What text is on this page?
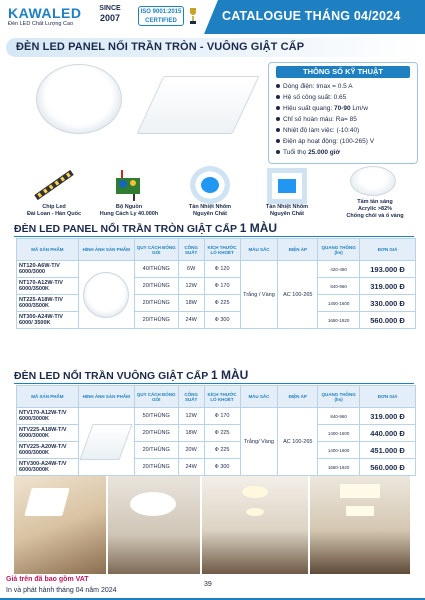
KAWALED
Đèn LED Chất Lượng Cao
SINCE
2007
ISO 9001:2015
CERTIFIED	CATALOGUE THÁNG 04/2024
ĐÈN LED PANEL NỔI TRẦN TRÒN - VUÔNG GIẬT CẤP
THÔNG SỐ KỸ THUẬT
Dòng điện: Imax = 0.5 A
Hệ số công suất: 0.65
Hiệu suất quang: 70-90 Lm/w
Chỉ số hoàn màu: Ra= 85
Nhiệt độ làm việc: (-10:40)
Điện áp hoạt động: (100-265) V
Tuổi thọ 25.000 giờ
Chip Led
Đài Loan - Hàn Quốc
Bộ Nguồn
Hung Cách Ly 40.000h
Tản Nhiệt Nhôm
Nguyên Chất
Tản Nhiệt Nhôm
Nguyên Chất
Tấm tán sáng
Acrylic >82%
Chống chói và ố vàng
ĐÈN LED PANEL NỔI TRẦN TRÒN GIẬT CẤP 1 MÀU
MÃ SẢN PHẨM	HÌNH ẢNH SẢN PHẨM	QUY CÁCH ĐÓNG GÓI	CÔNG SUẤT	KÍCH THƯỚC LỖ KHOÉT	MÀU SẮC	ĐIỆN ÁP	QUANG THÔNG (lm)	ĐƠN GIÁ
NT120-A6W-T/V 6000/3000		40/THÙNG	6W	Ф 120	Trắng / Vàng	AC 100-265	420-480	193.000 Đ
NT170-A12W-T/V 6000/3500K		20/THÙNG	12W	Ф 170			840-960	319.000 Đ
NT225-A18W-T/V 6000/3500K		20/THÙNG	18W	Ф 225			1400-1600	330.000 Đ
NT300-A24W-T/V 6000/ 3500K		20/THÙNG	24W	Ф 300			1680-1920	560.000 Đ
ĐÈN LED NỔI TRẦN VUÔNG GIẬT CẤP 1 MÀU
MÃ SẢN PHẨM	HÌNH ẢNH SẢN PHẨM	QUY CÁCH ĐÓNG GÓI	CÔNG SUẤT	KÍCH THƯỚC LỖ KHOÉT	MÀU SẮC	ĐIỆN ÁP	QUANG THÔNG (lm)	ĐƠN GIÁ
NTV170-A12W-T/V 6000/3000K		50/THÙNG	12W	Ф 170	Trắng/ Vàng	AC 100-265	840-960	319.000 Đ
NTV225-A18W-T/V 6000/3000K		20/THÙNG	18W	Ф 225			1400-1600	440.000 Đ
NTV225-A20W-T/V 6000/3000K		20/THÙNG	20W	Ф 225			1400-1600	451.000 Đ
NTV300-A24W-T/V 6000/3000K		20/THÙNG	24W	Ф 300			1680-1920	560.000 Đ
Giá trên đã bao gồm VAT
In và phát hành tháng 04 năm 2024
39
